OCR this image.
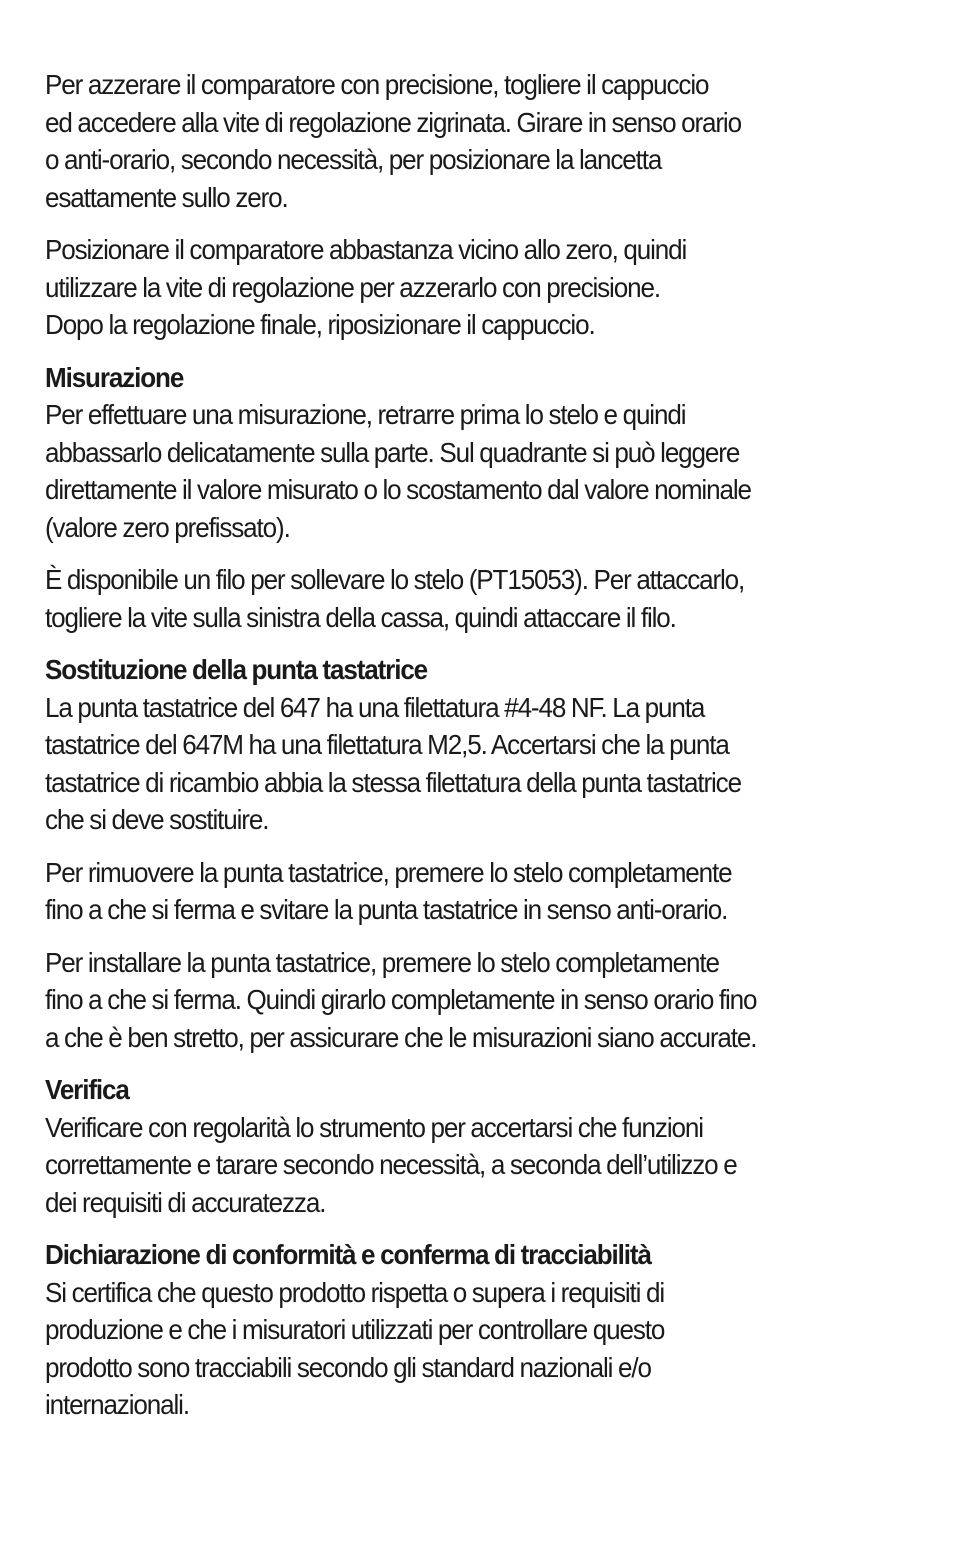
Per azzerare il comparatore con precisione, togliere il cappuccio
ed accedere alla vite di regolazione zigrinata. Girare in senso orario
o anti-orario, secondo necessità, per posizionare la lancetta
esattamente sullo zero.

Posizionare il comparatore abbastanza vicino allo zero, quindi
utilizzare la vite di regolazione per azzerarlo con precisione.
Dopo la regolazione finale, riposizionare il cappuccio.

Misurazione

Per effettuare una misurazione, retrarre prima lo stelo e quindi
abbassarlo delicatamente sulla parte. Sul quadrante si può leggere
direttamente il valore misurato o lo scostamento dal valore nominale
(valore zero prefissato).

È disponibile un filo per sollevare lo stelo (PT15053). Per attaccarlo,
togliere la vite sulla sinistra della cassa, quindi attaccare il filo.

Sostituzione della punta tastatrice

La punta tastatrice del 647 ha una filettatura #4-48 NF. La punta
tastatrice del 647M ha una filettatura M2,5. Accertarsi che la punta
tastatrice di ricambio abbia la stessa filettatura della punta tastatrice
che si deve sostituire.

Per rimuovere la punta tastatrice, premere lo stelo completamente
fino a che si ferma e svitare la punta tastatrice in senso anti-orario.

Per installare la punta tastatrice, premere lo stelo completamente
fino a che si ferma. Quindi girarlo completamente in senso orario fino
a che è ben stretto, per assicurare che le misurazioni siano accurate.

Verifica

Verificare con regolarità lo strumento per accertarsi che funzioni
correttamente e tarare secondo necessità, a seconda dell’utilizzo e
dei requisiti di accuratezza.

Dichiarazione di conformità e conferma di tracciabilità

Si certifica che questo prodotto rispetta o supera i requisiti di
produzione e che i misuratori utilizzati per controllare questo
prodotto sono tracciabili secondo gli standard nazionali e/o
internazionali.
